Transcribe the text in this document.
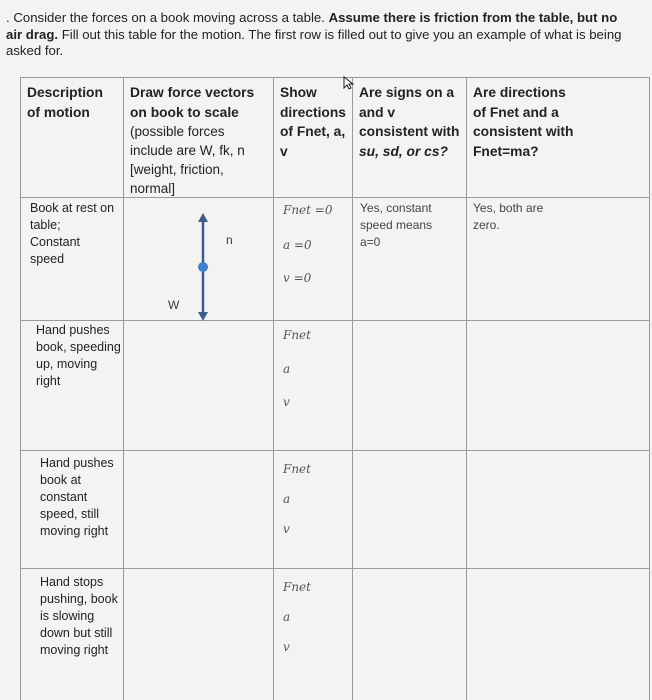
. Consider the forces on a book moving across a table. Assume there is friction from the table, but no air drag. Fill out this table for the motion. The first row is filled out to give you an example of what is being asked for.
Description
of motion
Draw force vectors
on book to scale
(possible forces
include are W, fk, n
[weight, friction,
normal]
Show
directions
of Fnet, a,
v
Are signs on a
and v
consistent with
su, sd, or cs?
Are directions
of Fnet and a
consistent with
Fnet=ma?
Book at rest on
table;
Constant
speed
n
W
Fnet =0
a =0
v =0
Yes, constant
speed means
a=0
Yes, both are
zero.
Hand pushes
book, speeding
up, moving
right
Fnet
a
v
Hand pushes
book at
constant
speed, still
moving right
Fnet
a
v
Hand stops
pushing, book
is slowing
down but still
moving right
Fnet
a
v
